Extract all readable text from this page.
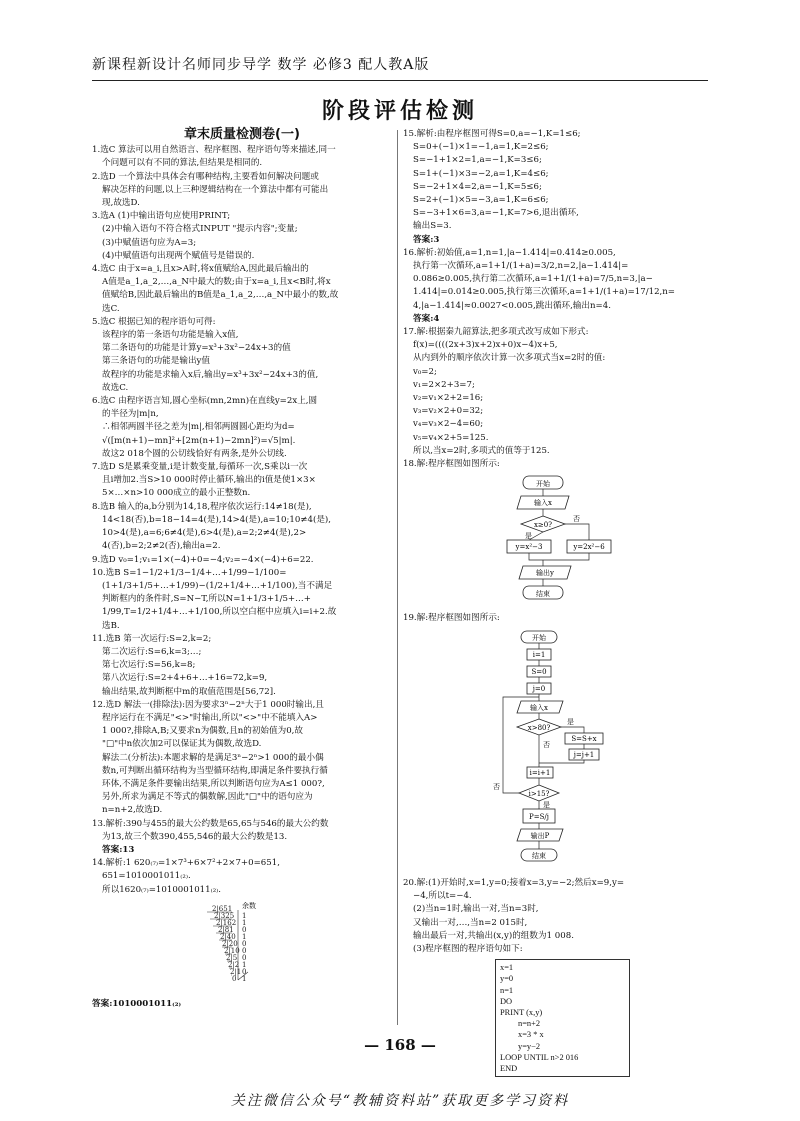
新课程新设计名师同步导学 数学 必修3 配人教A版
阶段评估检测
章末质量检测卷(一)
1.选C 算法可以用自然语言、程序框图、程序语句等来描述,同一
个问题可以有不同的算法,但结果是相同的.
2.选D 一个算法中具体会有哪种结构,主要看如何解决问题或
解决怎样的问题,以上三种逻辑结构在一个算法中都有可能出
现,故选D.
3.选A (1)中输出语句应使用PRINT;
(2)中输入语句不符合格式INPUT "提示内容";变量;
(3)中赋值语句应为A=3;
(4)中赋值语句出现两个赋值号是错误的.
4.选C 由于x=a_i,且x>A时,将x值赋给A,因此最后输出的
A值是a_1,a_2,…,a_N中最大的数;由于x=a_i,且x<B时,将x
值赋给B,因此最后输出的B值是a_1,a_2,…,a_N中最小的数,故
选C.
5.选C 根据已知的程序语句可得:
该程序的第一条语句功能是输入x值,
第二条语句的功能是计算y=x³+3x²−24x+3的值
第三条语句的功能是输出y值
故程序的功能是求输入x后,输出y=x³+3x²−24x+3的值,
故选C.
6.选C 由程序语言知,圆心坐标(mn,2mn)在直线y=2x上,圆
的半径为|m|n,
∴相邻两圆半径之差为|m|,相邻两圆圆心距均为d=
√([m(n+1)−mn]²+[2m(n+1)−2mn]²)=√5|m|.
故这2 018个圆的公切线恰好有两条,是外公切线.
7.选D S是累乘变量,i是计数变量,每循环一次,S乘以i一次
且i增加2.当S>10 000时停止循环,输出的i值是使1×3×
5×…×n>10 000成立的最小正整数n.
8.选B 输入的a,b分别为14,18,程序依次运行:14≠18(是),
14<18(否),b=18−14=4(是),14>4(是),a=10;10≠4(是),
10>4(是),a=6;6≠4(是),6>4(是),a=2;2≠4(是),2>
4(否),b=2;2≠2(否),输出a=2.
9.选D v₀=1;v₁=1×(−4)+0=−4;v₂=−4×(−4)+6=22.
10.选B S=1−1/2+1/3−1/4+…+1/99−1/100=
(1+1/3+1/5+…+1/99)−(1/2+1/4+…+1/100),当不满足
判断框内的条件时,S=N−T,所以N=1+1/3+1/5+…+
1/99,T=1/2+1/4+…+1/100,所以空白框中应填入i=i+2.故
选B.
11.选B 第一次运行:S=2,k=2;
第二次运行:S=6,k=3;…;
第七次运行:S=56,k=8;
第八次运行:S=2+4+6+…+16=72,k=9,
输出结果,故判断框中m的取值范围是[56,72].
12.选D 解法一(排除法):因为要求3ⁿ−2ⁿ大于1 000时输出,且
程序运行在不满足"<>"时输出,所以"<>"中不能填入A>
1 000?,排除A,B;又要求n为偶数,且n的初始值为0,故
"□"中n依次加2可以保证其为偶数,故选D.
解法二(分析法):本题求解的是满足3ⁿ−2ⁿ>1 000的最小偶
数n,可判断出循环结构为当型循环结构,即满足条件要执行循
环体,不满足条件要输出结果,所以判断语句应为A≤1 000?,
另外,所求为满足不等式的偶数解,因此"□"中的语句应为
n=n+2,故选D.
13.解析:390与455的最大公约数是65,65与546的最大公约数
为13,故三个数390,455,546的最大公约数是13.
答案:13
14.解析:1 620₍₇₎=1×7³+6×7²+2×7+0=651,
651=1010001011₍₂₎.
所以1620₍₇₎=1010001011₍₂₎.
余数
2|651
2|325
2|162
2|81
2|40
2|20
2|10
2|5
2|2
2|1
0
1
1
0
1
0
0
0
1
0
1
答案:1010001011₍₂₎
15.解析:由程序框图可得S=0,a=−1,K=1≤6;
S=0+(−1)×1=−1,a=1,K=2≤6;
S=−1+1×2=1,a=−1,K=3≤6;
S=1+(−1)×3=−2,a=1,K=4≤6;
S=−2+1×4=2,a=−1,K=5≤6;
S=2+(−1)×5=−3,a=1,K=6≤6;
S=−3+1×6=3,a=−1,K=7>6,退出循环,
输出S=3.
答案:3
16.解析:初始值,a=1,n=1,|a−1.414|=0.414≥0.005,
执行第一次循环,a=1+1/(1+a)=3/2,n=2,|a−1.414|=
0.086≥0.005,执行第二次循环,a=1+1/(1+a)=7/5,n=3,|a−
1.414|=0.014≥0.005,执行第三次循环,a=1+1/(1+a)=17/12,n=
4,|a−1.414|≈0.0027<0.005,跳出循环,输出n=4.
答案:4
17.解:根据秦九韶算法,把多项式改写成如下形式:
f(x)=((((2x+3)x+2)x+0)x−4)x+5,
从内到外的顺序依次计算一次多项式当x=2时的值:
v₀=2;
v₁=2×2+3=7;
v₂=v₁×2+2=16;
v₃=v₂×2+0=32;
v₄=v₃×2−4=60;
v₅=v₄×2+5=125.
所以,当x=2时,多项式的值等于125.
18.解:程序框图如图所示:
开始
输入x
x≥0?
是
否
y=x²−3	y=2x²−6
输出y
结束
19.解:程序框图如图所示:
开始
i=1
S=0
j=0
输入x
x>80?
是
否
S=S+x
j=j+1
i=i+1
i>15?
是
否
P=S/j
输出P
结束
20.解:(1)开始时,x=1,y=0;接着x=3,y=−2;然后x=9,y=
−4,所以t=−4.
(2)当n=1时,输出一对,当n=3时,
又输出一对,…,当n=2 015时,
输出最后一对,共输出(x,y)的组数为1 008.
(3)程序框图的程序语句如下:
x=1
y=0
n=1
DO
PRINT (x,y)
n=n+2
x=3 * x
y=y−2
LOOP UNTIL n>2 016
END
— 168 —
关注微信公众号“教辅资料站”获取更多学习资料
